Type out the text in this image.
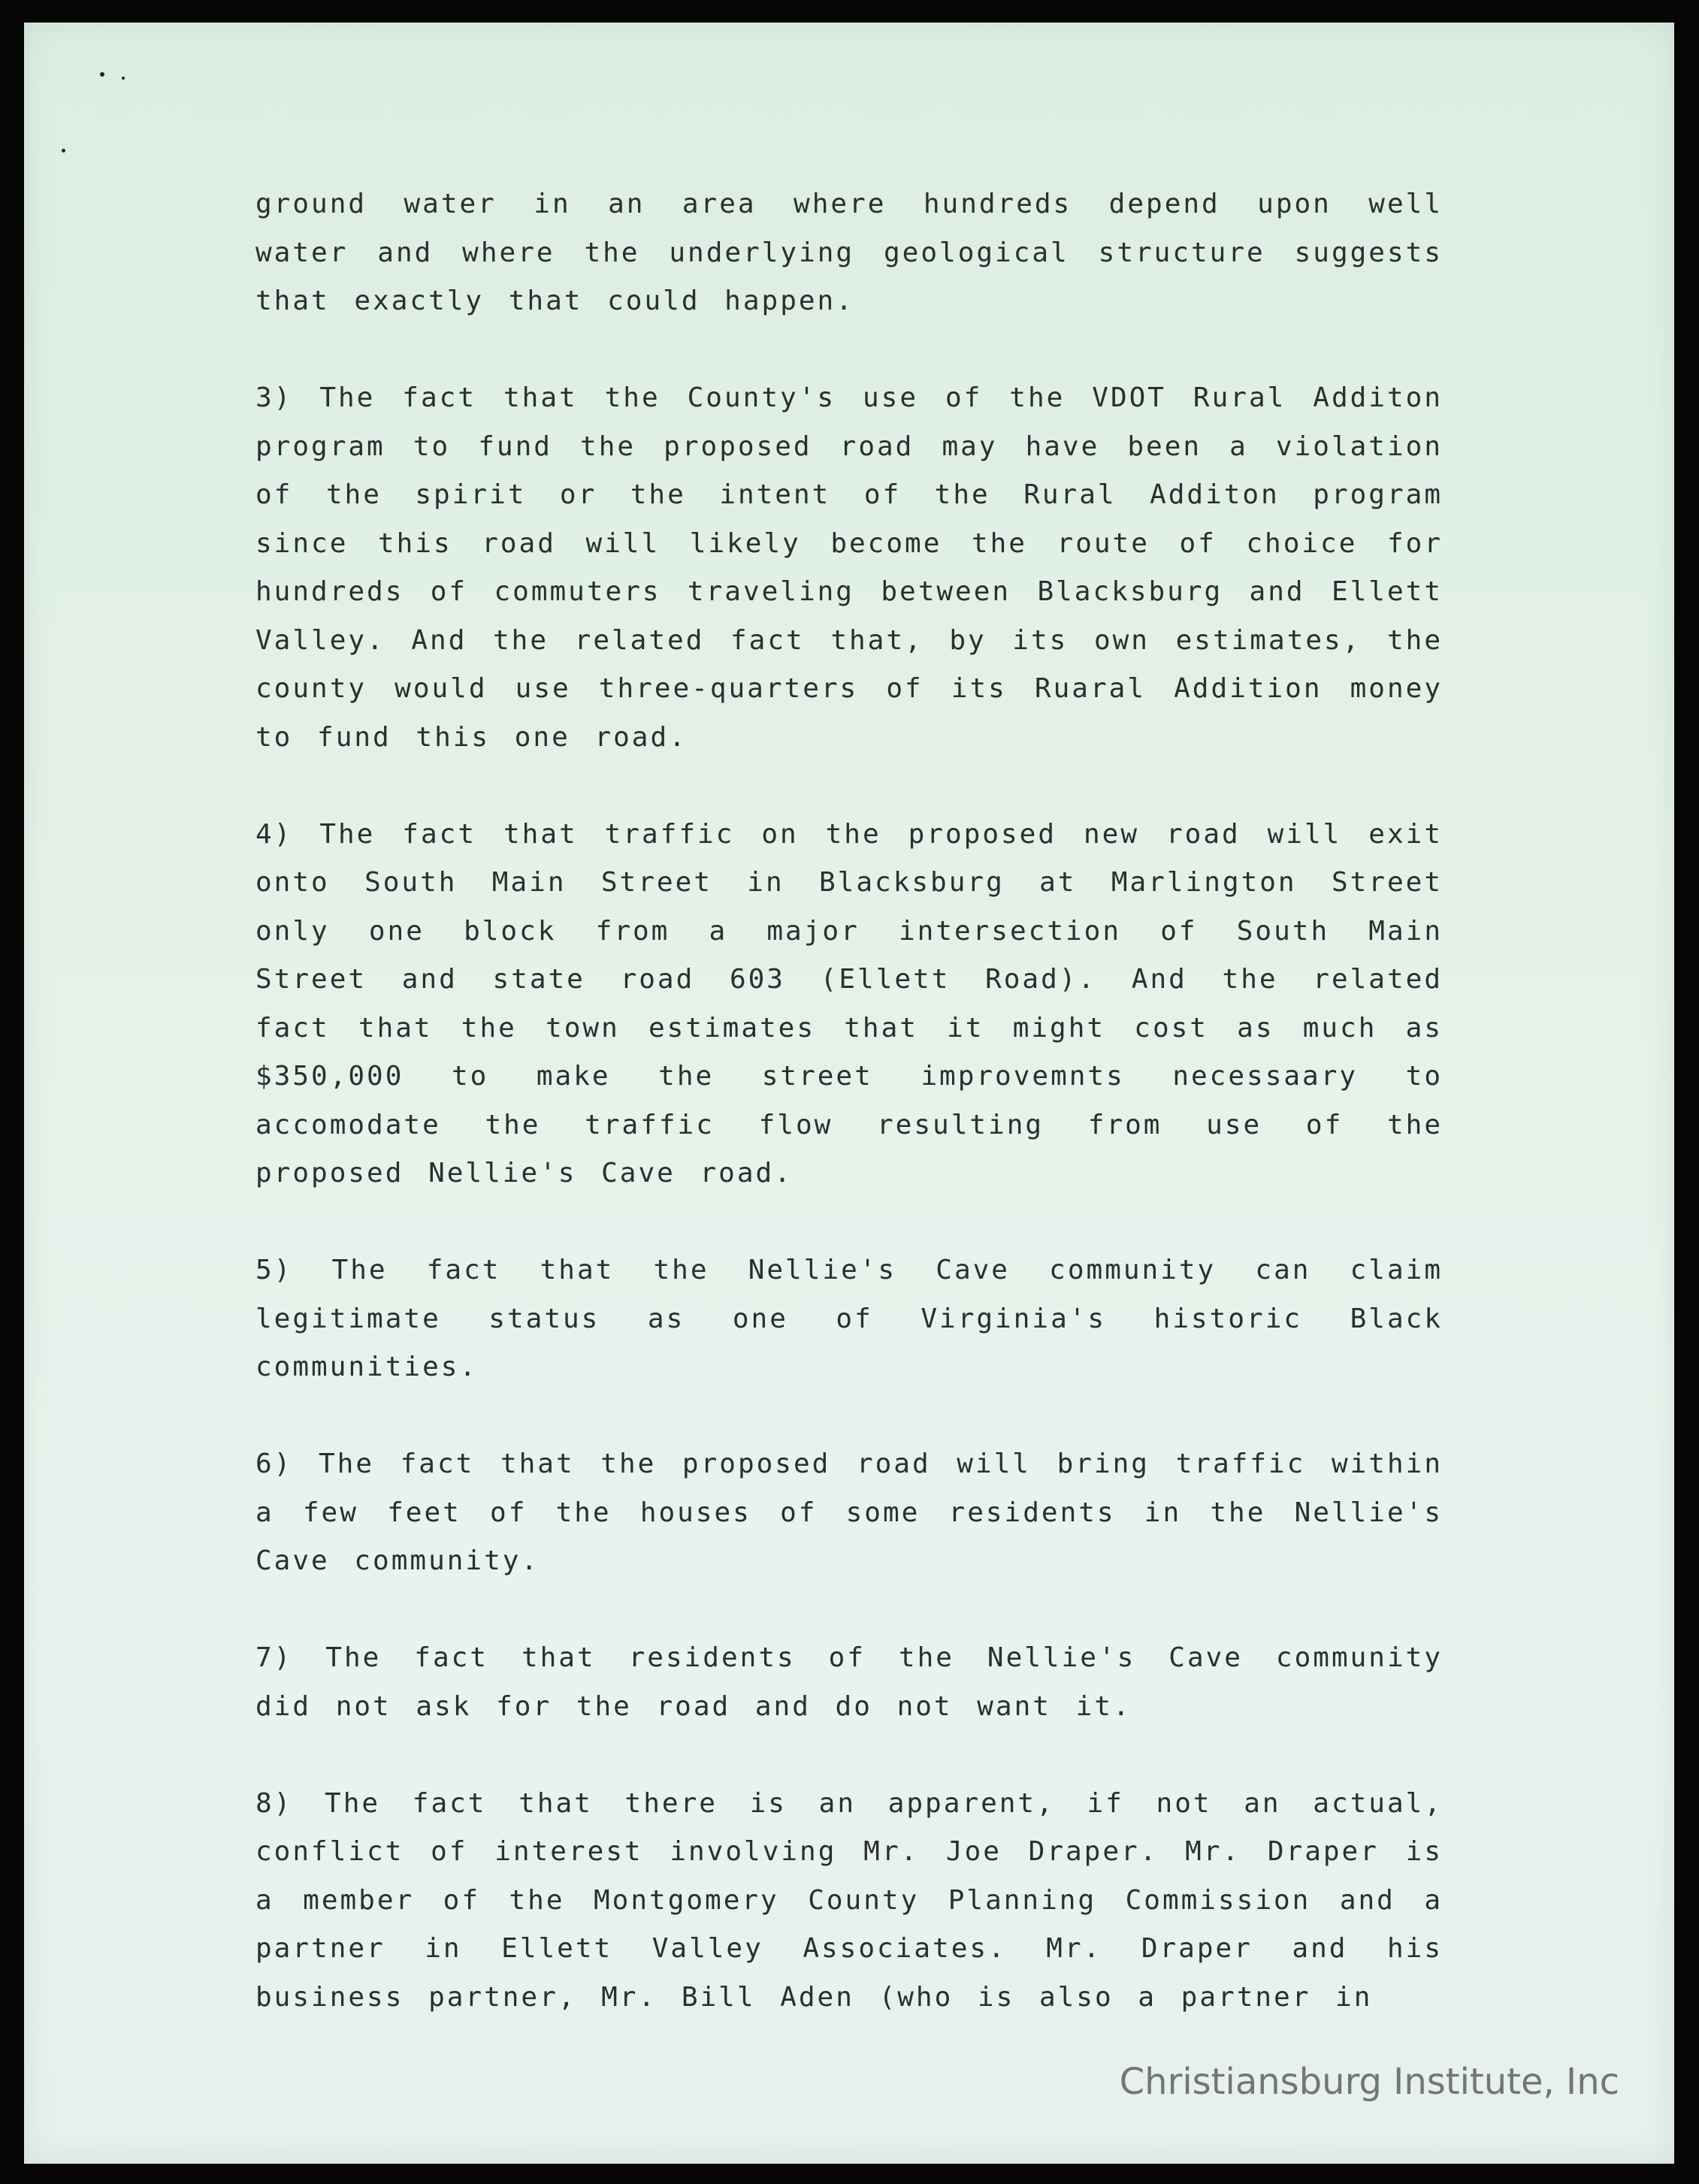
ground water in an area where hundreds depend upon well water and where the underlying geological structure suggests that exactly that could happen.

3) The fact that the County's use of the VDOT Rural Additon program to fund the proposed road may have been a violation of the spirit or the intent of the Rural Additon program since this road will likely become the route of choice for hundreds of commuters traveling between Blacksburg and Ellett Valley. And the related fact that, by its own estimates, the county would use three-quarters of its Ruaral Addition money to fund this one road.

4) The fact that traffic on the proposed new road will exit onto South Main Street in Blacksburg at Marlington Street only one block from a major intersection of South Main Street and state road 603 (Ellett Road). And the related fact that the town estimates that it might cost as much as $350,000 to make the street improvemnts necessaary to accomodate the traffic flow resulting from use of the proposed Nellie's Cave road.

5) The fact that the Nellie's Cave community can claim legitimate status as one of Virginia's historic Black communities.

6) The fact that the proposed road will bring traffic within a few feet of the houses of some residents in the Nellie's Cave community.

7) The fact that residents of the Nellie's Cave community did not ask for the road and do not want it.

8) The fact that there is an apparent, if not an actual, conflict of interest involving Mr. Joe Draper. Mr. Draper is a member of the Montgomery County Planning Commission and a partner in Ellett Valley Associates. Mr. Draper and his business partner, Mr. Bill Aden (who is also a partner in

Christiansburg Institute, Inc
